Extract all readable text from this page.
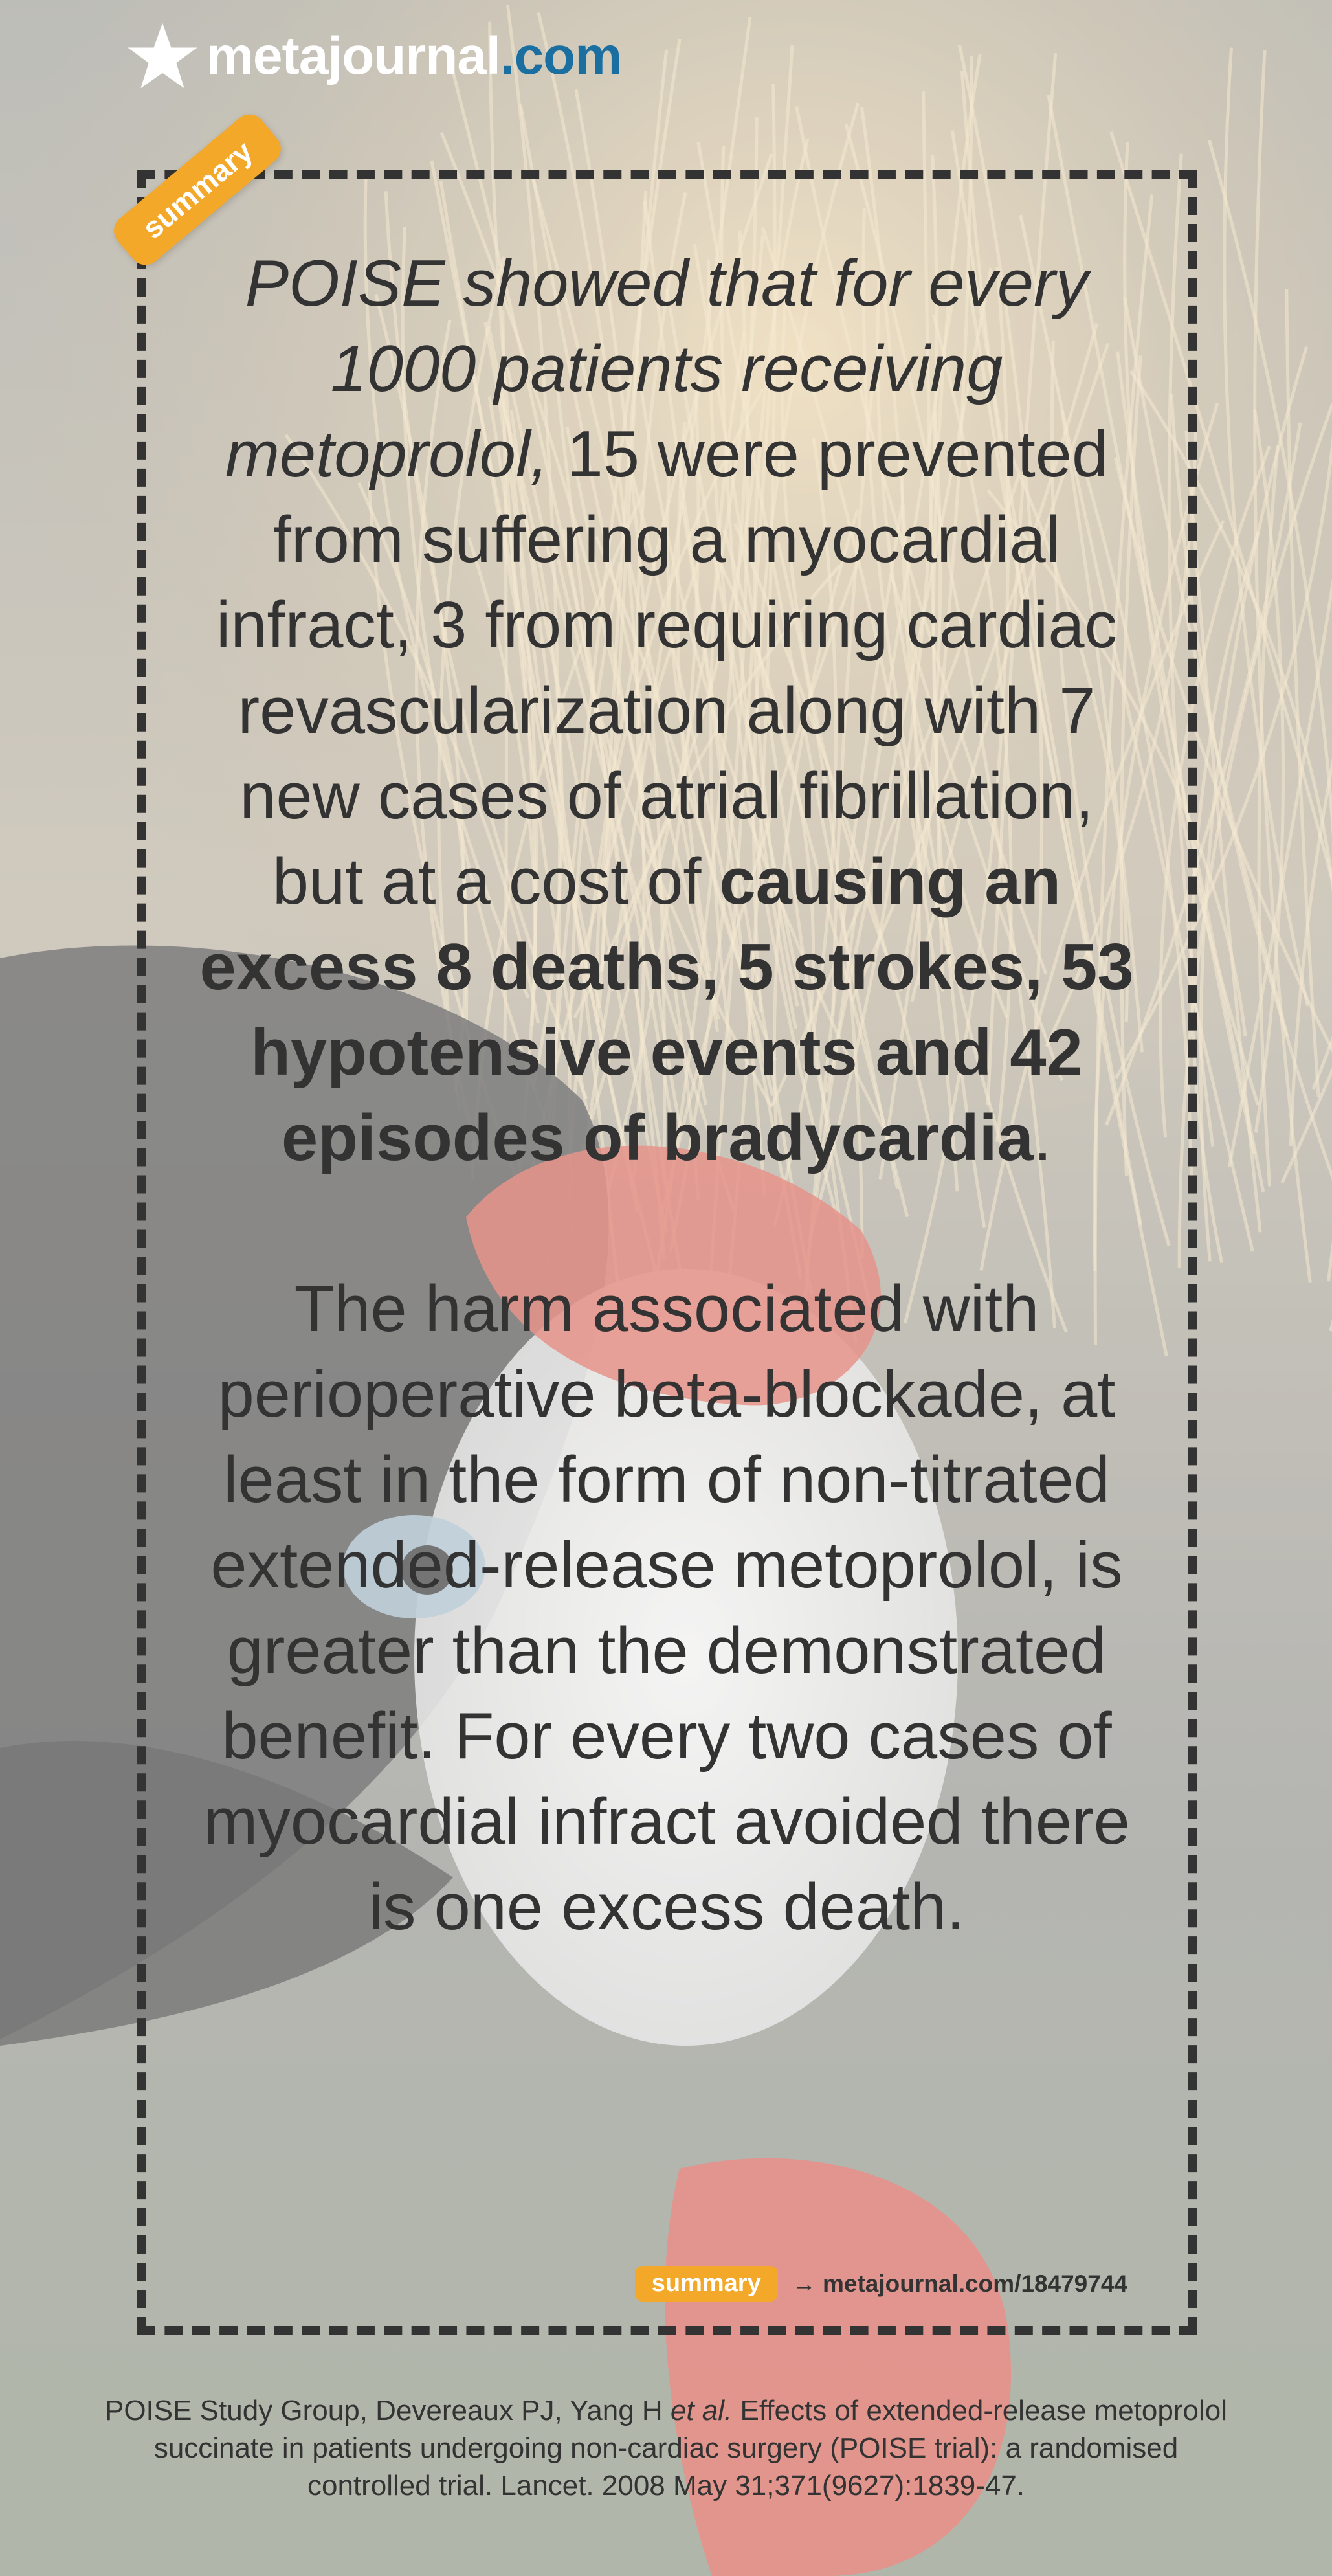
metajournal.com
summary

POISE showed that for every 1000 patients receiving metoprolol, 15 were prevented from suffering a myocardial infract, 3 from requiring cardiac revascularization along with 7 new cases of atrial fibrillation, but at a cost of causing an excess 8 deaths, 5 strokes, 53 hypotensive events and 42 episodes of bradycardia.

The harm associated with perioperative beta-blockade, at least in the form of non-titrated extended-release metoprolol, is greater than the demonstrated benefit. For every two cases of myocardial infract avoided there is one excess death.

summary	→ metajournal.com/18479744
POISE Study Group, Devereaux PJ, Yang H et al. Effects of extended-release metoprolol succinate in patients undergoing non-cardiac surgery (POISE trial): a randomised controlled trial. Lancet. 2008 May 31;371(9627):1839-47.
